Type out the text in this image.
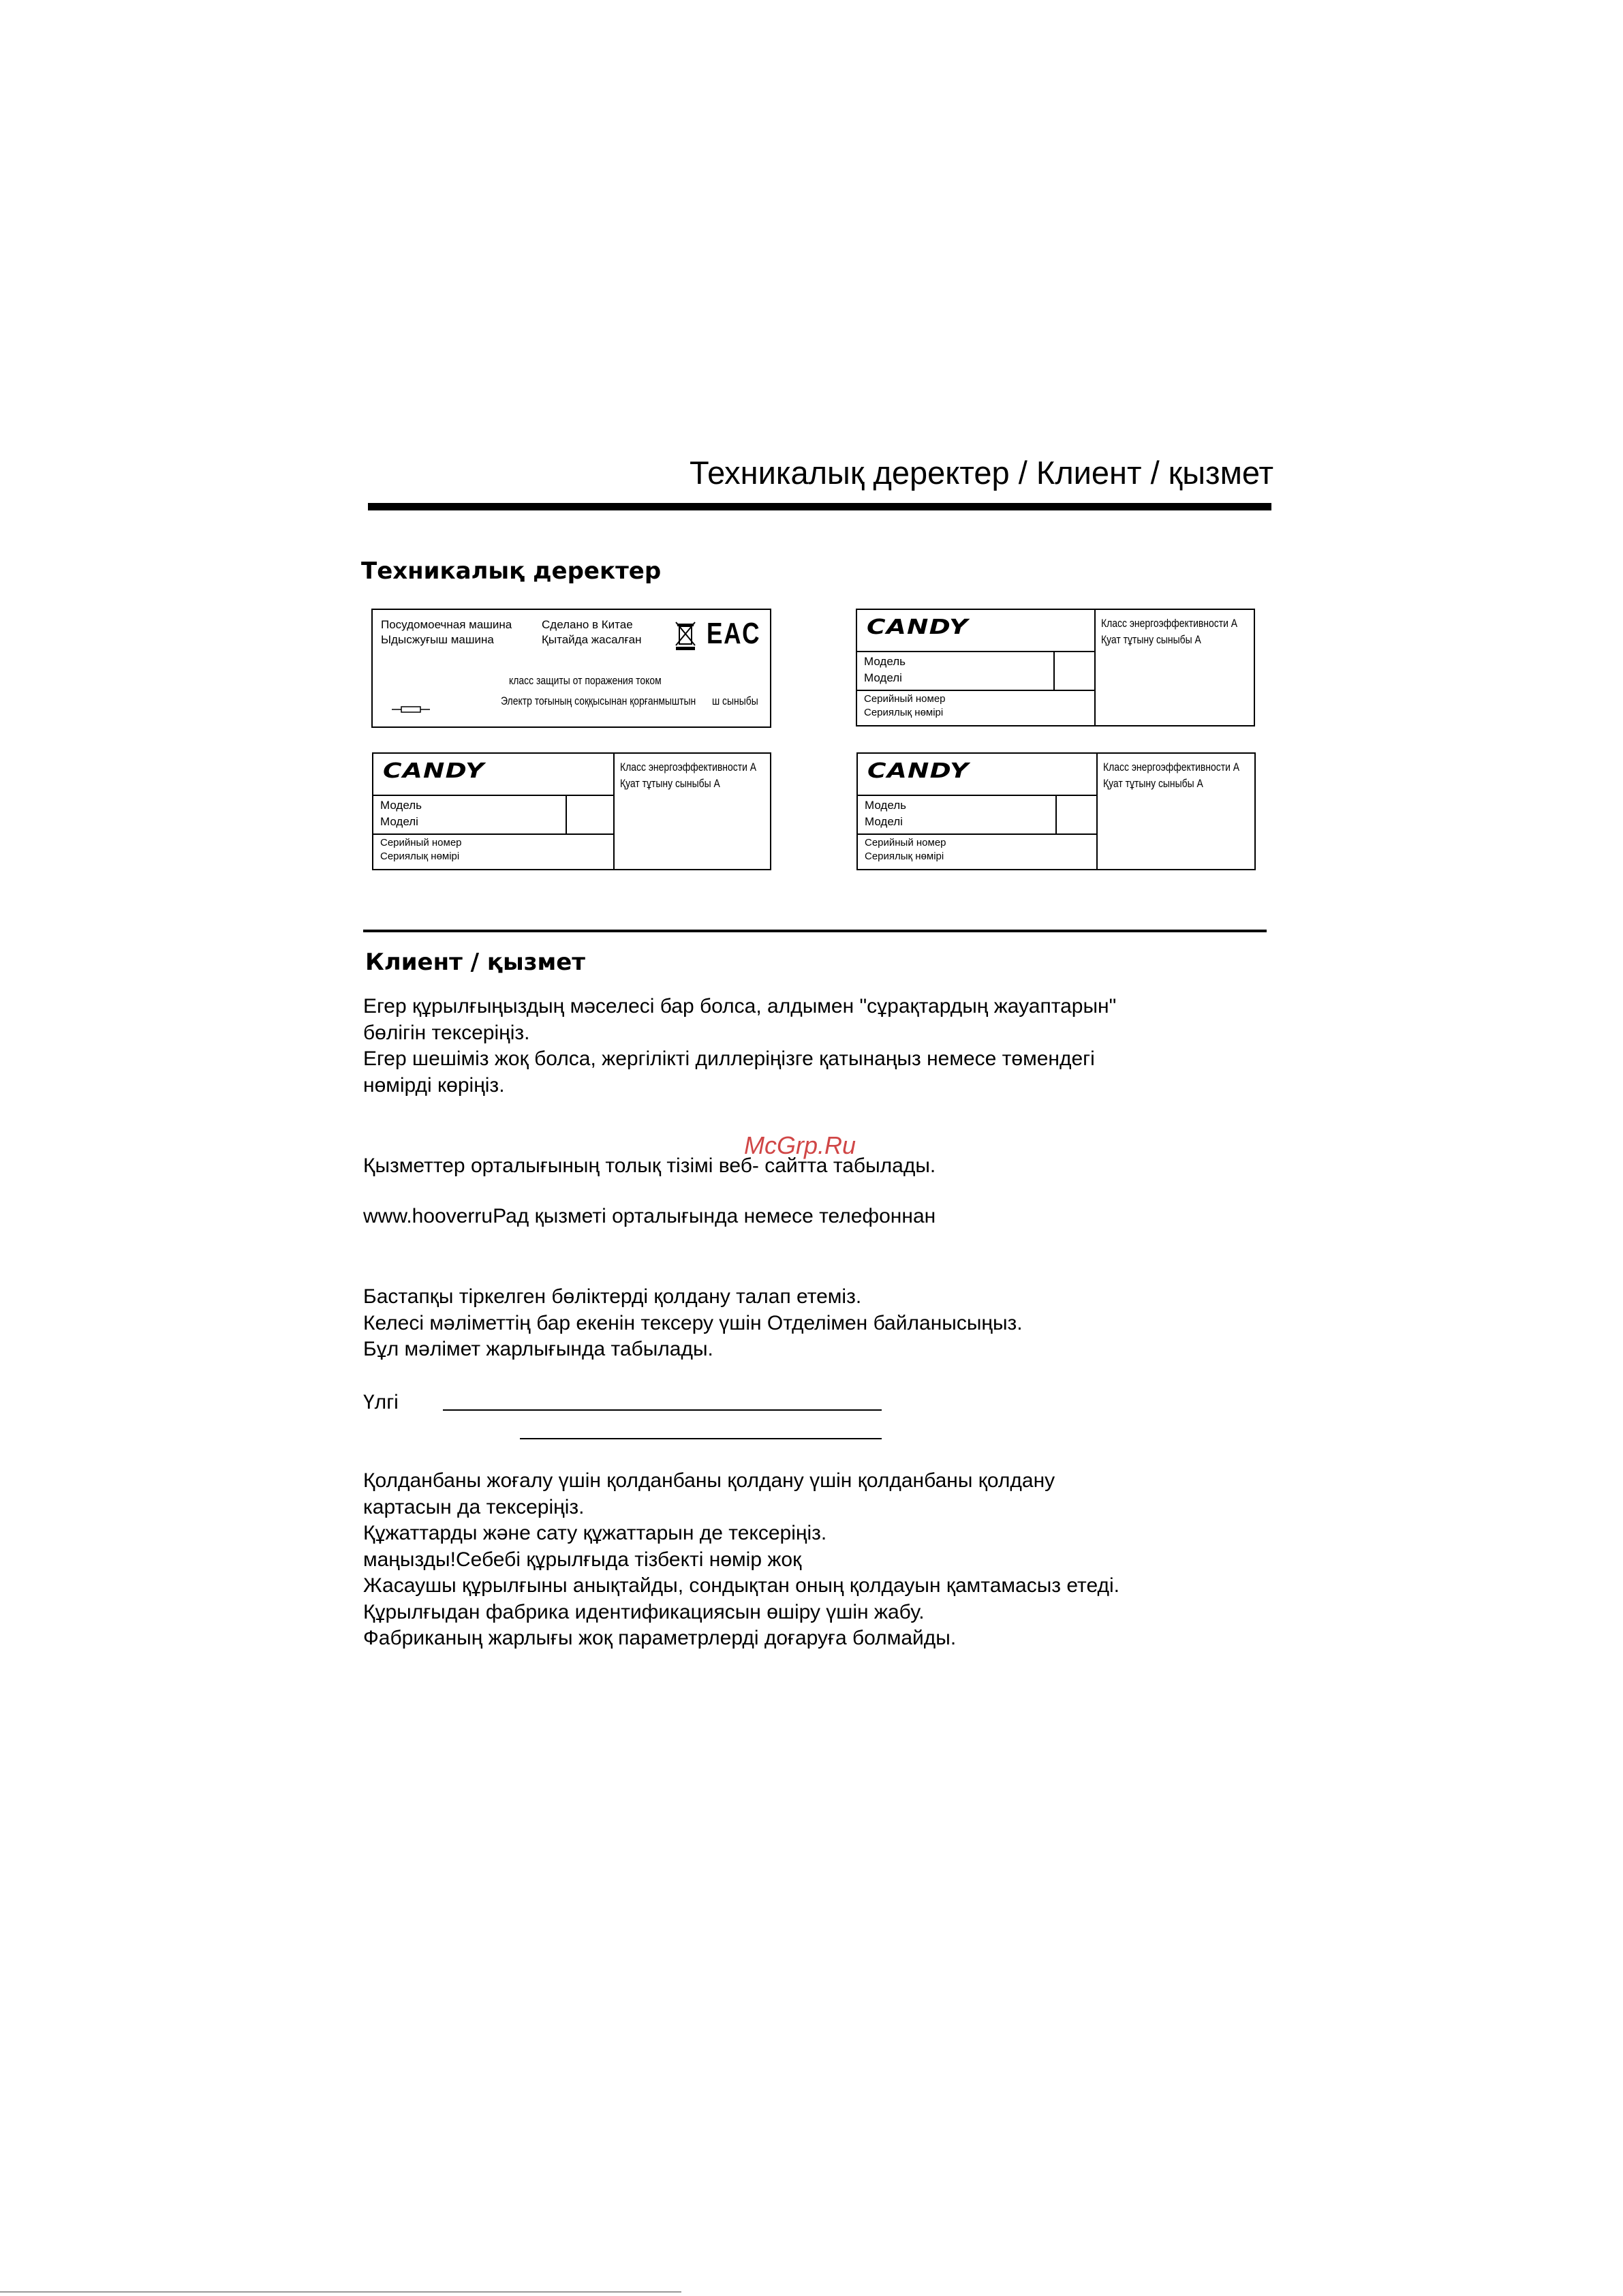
Техникалық деректер / Клиент / қызмет
Техникалық деректер
Посудомоечная машина
Ыдысжуғыш машина
Сделано в Китае
Қытайда жасалған EAC
класс защиты от поражения током
Электр тоғының соққысынан қорғанмыштын ш сыныбы
CANDY
Модель
Моделі
Серийный номер
Сериялық нөмірі
Класс энергоэффективности А
Қуат тұтыну сыныбы А
CANDY
Модель
Моделі
Серийный номер
Сериялық нөмірі
Класс энергоэффективности А
Қуат тұтыну сыныбы А
CANDY
Модель
Моделі
Серийный номер
Сериялық нөмірі
Класс энергоэффективности А
Қуат тұтыну сыныбы А
Клиент / қызмет
Егер құрылғыңыздың мәселесі бар болса, алдымен "сұрақтардың жауаптарын"
бөлігін тексеріңіз.
Егер шешіміз жоқ болса, жергілікті диллеріңізге қатынаңыз немесе төмендегі
нөмірді көріңіз.
Қызметтер орталығының толық тізімі веб- сайтта табылады.
www.hooverruРад қызметі орталығында немесе телефоннан
Бастапқы тіркелген бөліктерді қолдану талап етеміз.
Келесі мәліметтің бар екенін тексеру үшін Отделімен байланысыңыз.
Бұл мәлімет жарлығында табылады.
Үлгі
Қолданбаны жоғалу үшін қолданбаны қолдану үшін қолданбаны қолдану
картасын да тексеріңіз.
Құжаттарды және сату құжаттарын де тексеріңіз.
маңызды!Себебі құрылғыда тізбекті нөмір жоқ
Жасаушы құрылғыны анықтайды, сондықтан оның қолдауын қамтамасыз етеді.
Құрылғыдан фабрика идентификациясын өшіру үшін жабу.
Фабриканың жарлығы жоқ параметрлерді доғаруға болмайды.
McGrp.Ru
